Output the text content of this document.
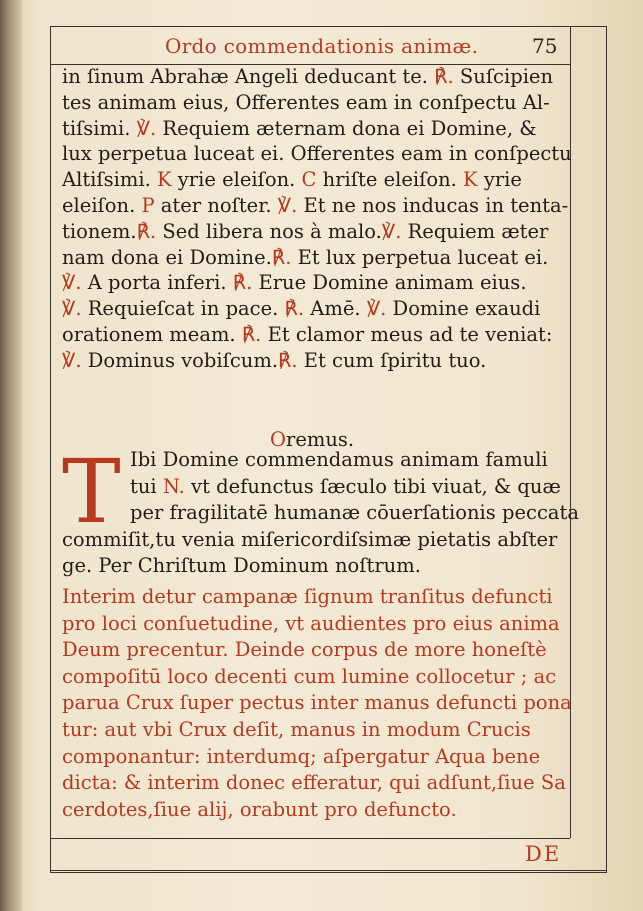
Ordo commendationis animæ.	75
in ſinum Abrahæ Angeli deducant te. ℟. Suſcipien
tes animam eius, Offerentes eam in conſpectu Al-
tiſsimi. ℣. Requiem æternam dona ei Domine, &
lux perpetua luceat ei. Offerentes eam in conſpectu
Altiſsimi. K yrie eleiſon. C hriſte eleiſon. K yrie
eleiſon. P ater noſter. ℣. Et ne nos inducas in tenta-
tionem.℟. Sed libera nos à malo.℣. Requiem æter
nam dona ei Domine.℟. Et lux perpetua luceat ei.
℣. A porta inferi. ℟. Erue Domine animam eius.
℣. Requieſcat in pace. ℟. Amē. ℣. Domine exaudi
orationem meam. ℟. Et clamor meus ad te veniat:
℣. Dominus vobiſcum.℟. Et cum ſpiritu tuo.
Oremus.
T Ibi Domine commendamus animam famuli
tui N. vt defunctus ſæculo tibi viuat, & quæ
per fragilitatē humanæ cōuerſationis peccata
commiſit,tu venia miſericordiſsimæ pietatis abſter
ge. Per Chriſtum Dominum noſtrum.
Interim detur campanæ ſignum tranſitus defuncti
pro loci conſuetudine, vt audientes pro eius anima
Deum precentur. Deinde corpus de more honeſtè
compoſitū loco decenti cum lumine collocetur ; ac
parua Crux ſuper pectus inter manus defuncti pona
tur: aut vbi Crux deſit, manus in modum Crucis
componantur: interdumq; aſpergatur Aqua bene
dicta: & interim donec efferatur, qui adſunt,ſiue Sa
cerdotes,ſiue alij, orabunt pro defuncto.
DE
